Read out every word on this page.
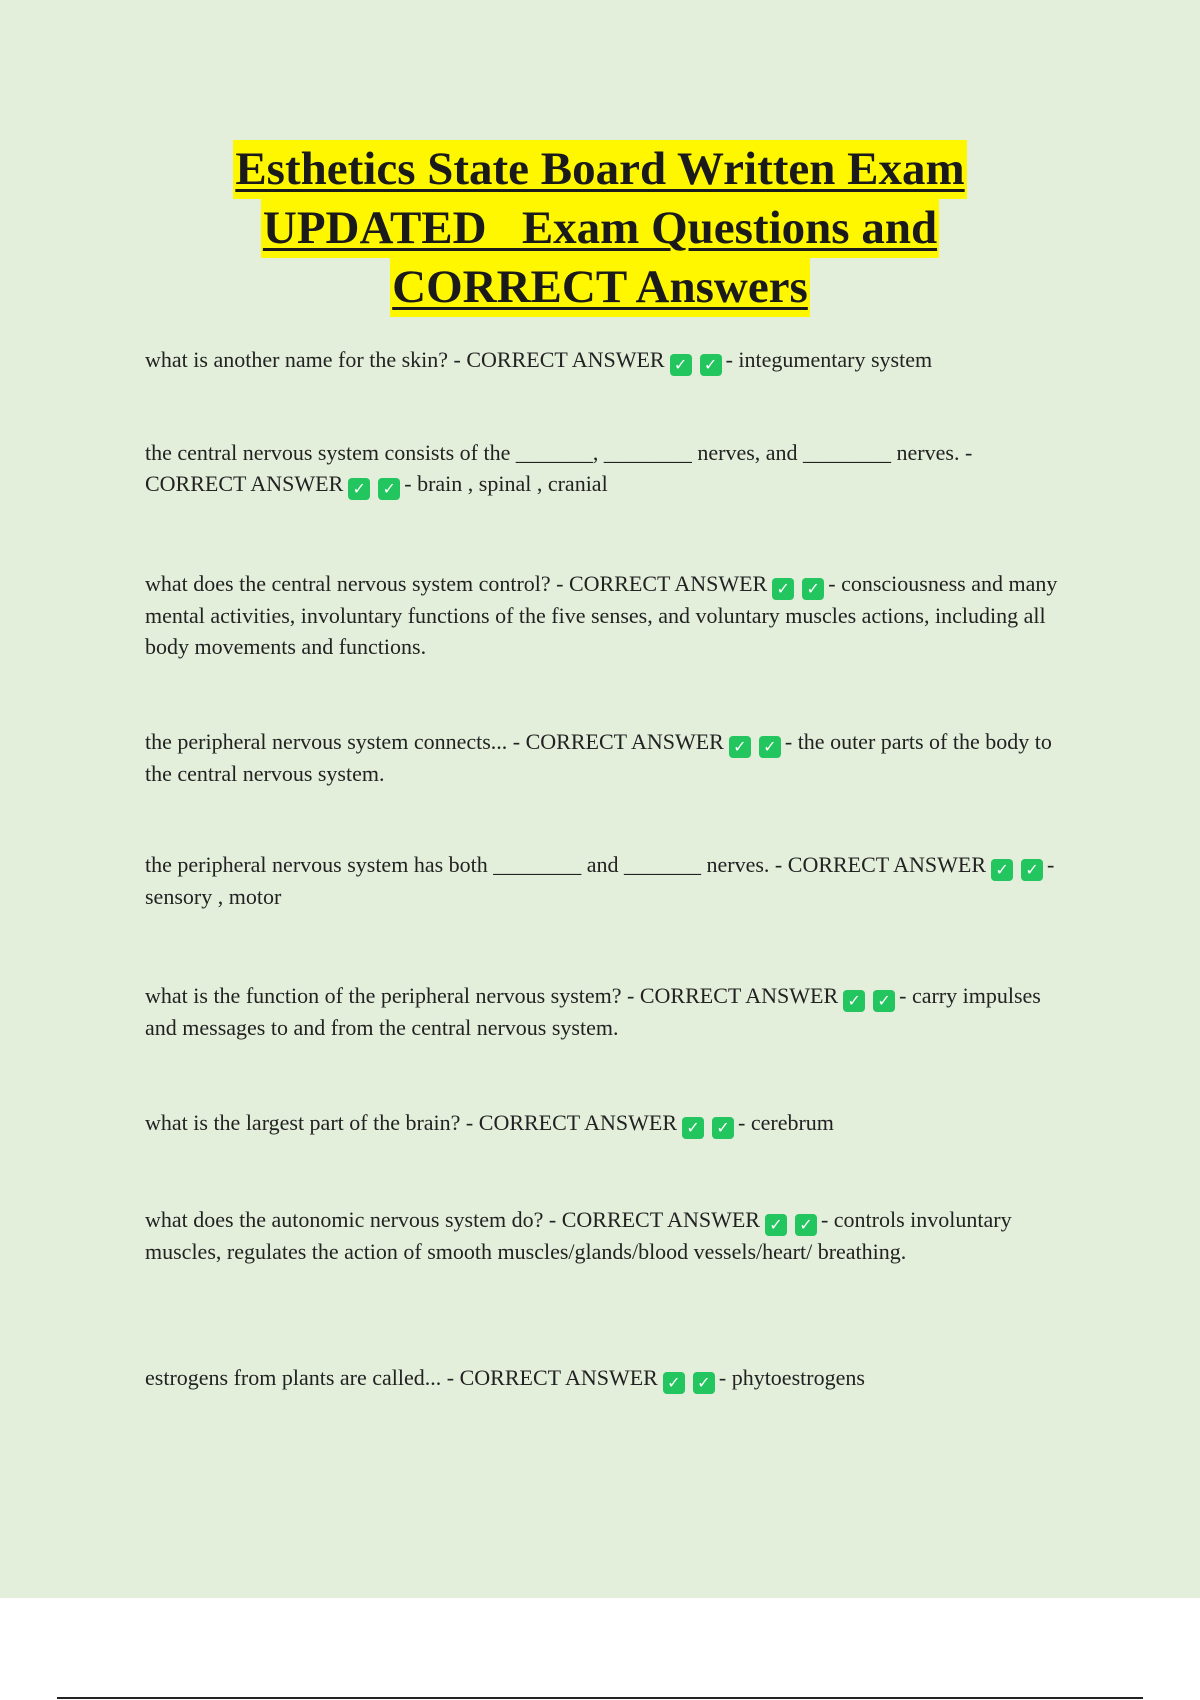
Esthetics State Board Written Exam
UPDATED   Exam Questions and
CORRECT Answers

what is another name for the skin? - CORRECT ANSWER ✓ ✓ - integumentary system

the central nervous system consists of the _______, ________ nerves, and ________ nerves. - CORRECT ANSWER ✓ ✓ - brain , spinal , cranial

what does the central nervous system control? - CORRECT ANSWER ✓ ✓ - consciousness and many mental activities, involuntary functions of the five senses, and voluntary muscles actions, including all body movements and functions.

the peripheral nervous system connects... - CORRECT ANSWER ✓ ✓ - the outer parts of the body to the central nervous system.

the peripheral nervous system has both ________ and _______ nerves. - CORRECT ANSWER ✓ ✓ - sensory , motor

what is the function of the peripheral nervous system? - CORRECT ANSWER ✓ ✓ - carry impulses and messages to and from the central nervous system.

what is the largest part of the brain? - CORRECT ANSWER ✓ ✓ - cerebrum

what does the autonomic nervous system do? - CORRECT ANSWER ✓ ✓ - controls involuntary muscles, regulates the action of smooth muscles/glands/blood vessels/heart/ breathing.

estrogens from plants are called... - CORRECT ANSWER ✓ ✓ - phytoestrogens
